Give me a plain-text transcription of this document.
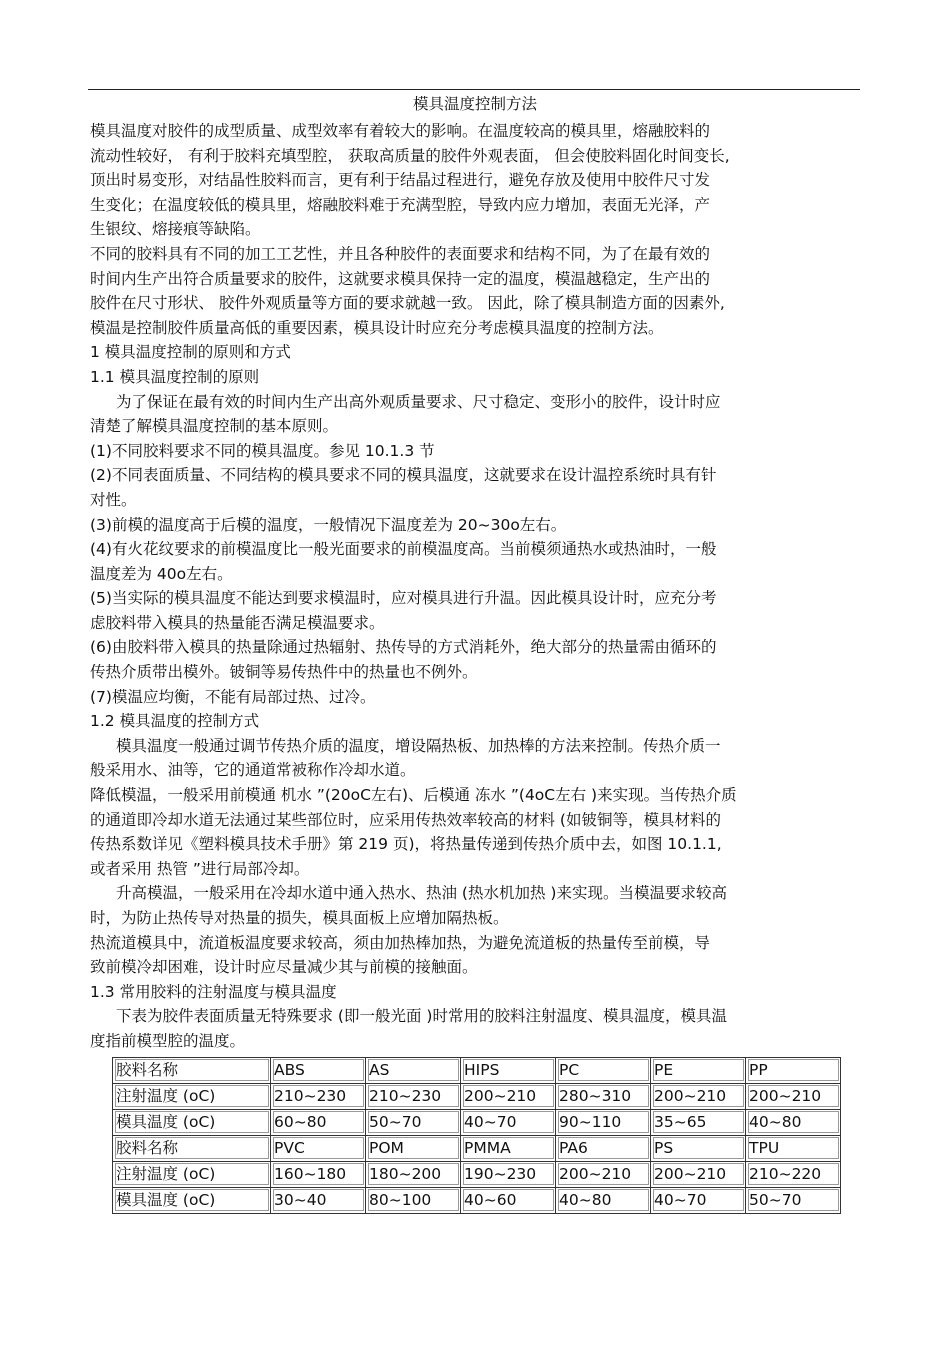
模具温度控制方法

模具温度对胶件的成型质量、成型效率有着较大的影响。在温度较高的模具里，熔融胶料的

流动性较好， 有利于胶料充填型腔， 获取高质量的胶件外观表面， 但会使胶料固化时间变长,

顶出时易变形，对结晶性胶料而言，更有利于结晶过程进行，避免存放及使用中胶件尺寸发

生变化；在温度较低的模具里，熔融胶料难于充满型腔，导致内应力增加，表面无光泽，产

生银纹、熔接痕等缺陷。

不同的胶料具有不同的加工工艺性，并且各种胶件的表面要求和结构不同，为了在最有效的

时间内生产出符合质量要求的胶件，这就要求模具保持一定的温度，模温越稳定，生产出的

胶件在尺寸形状、 胶件外观质量等方面的要求就越一致。 因此，除了模具制造方面的因素外,

模温是控制胶件质量高低的重要因素，模具设计时应充分考虑模具温度的控制方法。

1 模具温度控制的原则和方式

1.1 模具温度控制的原则

为了保证在最有效的时间内生产出高外观质量要求、尺寸稳定、变形小的胶件，设计时应

清楚了解模具温度控制的基本原则。

(1)不同胶料要求不同的模具温度。参见 10.1.3 节

(2)不同表面质量、不同结构的模具要求不同的模具温度，这就要求在设计温控系统时具有针

对性。

(3)前模的温度高于后模的温度，一般情况下温度差为 20~30o左右。

(4)有火花纹要求的前模温度比一般光面要求的前模温度高。当前模须通热水或热油时，一般

温度差为 40o左右。

(5)当实际的模具温度不能达到要求模温时，应对模具进行升温。因此模具设计时，应充分考

虑胶料带入模具的热量能否满足模温要求。

(6)由胶料带入模具的热量除通过热辐射、热传导的方式消耗外，绝大部分的热量需由循环的

传热介质带出模外。铍铜等易传热件中的热量也不例外。

(7)模温应均衡，不能有局部过热、过冷。

1.2 模具温度的控制方式

模具温度一般通过调节传热介质的温度，增设隔热板、加热棒的方法来控制。传热介质一

般采用水、油等，它的通道常被称作冷却水道。

降低模温，一般采用前模通 机水 ”(20oC左右)、后模通 冻水 ”(4oC左右 )来实现。当传热介质

的通道即冷却水道无法通过某些部位时，应采用传热效率较高的材料 (如铍铜等，模具材料的

传热系数详见《塑料模具技术手册》第 219 页)，将热量传递到传热介质中去，如图 10.1.1,

或者采用 热管 ”进行局部冷却。

升高模温，一般采用在冷却水道中通入热水、热油 (热水机加热 )来实现。当模温要求较高

时，为防止热传导对热量的损失，模具面板上应增加隔热板。

热流道模具中，流道板温度要求较高，须由加热棒加热，为避免流道板的热量传至前模，导

致前模冷却困难，设计时应尽量减少其与前模的接触面。

1.3 常用胶料的注射温度与模具温度

下表为胶件表面质量无特殊要求 (即一般光面 )时常用的胶料注射温度、模具温度，模具温

度指前模型腔的温度。

胶料名称	ABS	AS	HIPS	PC	PE	PP
注射温度 (oC)	210~230	210~230	200~210	280~310	200~210	200~210
模具温度 (oC)	60~80	50~70	40~70	90~110	35~65	40~80
胶料名称	PVC	POM	PMMA	PA6	PS	TPU
注射温度 (oC)	160~180	180~200	190~230	200~210	200~210	210~220
模具温度 (oC)	30~40	80~100	40~60	40~80	40~70	50~70
